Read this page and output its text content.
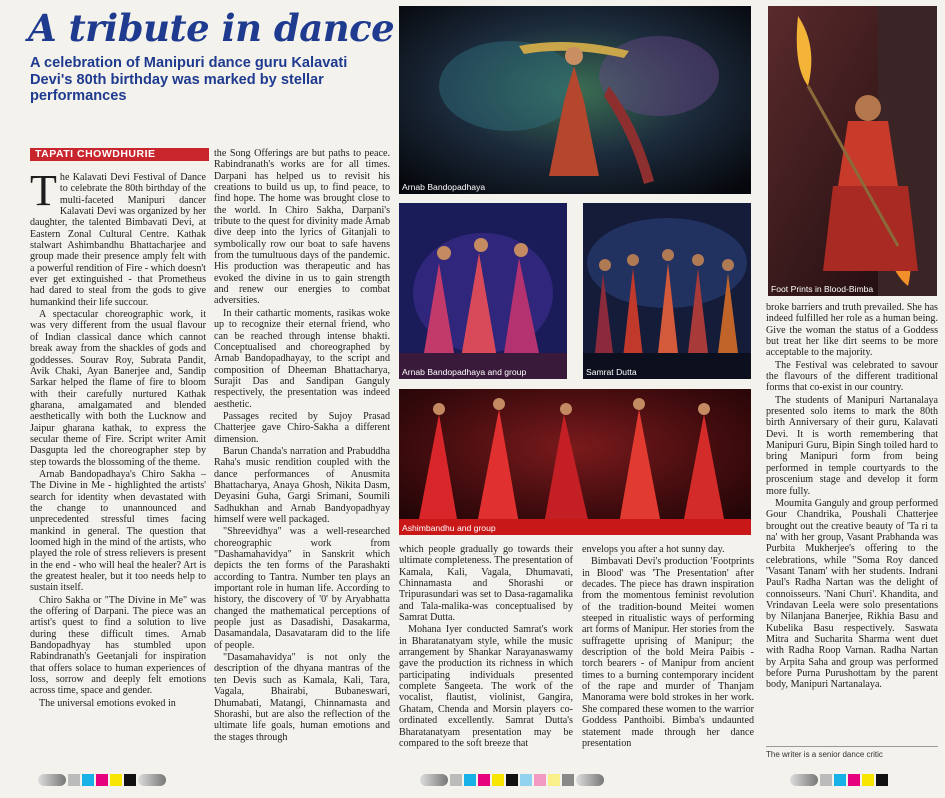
A tribute in dance
A celebration of Manipuri dance guru Kalavati Devi's 80th birthday was marked by stellar performances
TAPATI CHOWDHURIE
T he Kalavati Devi Festival of Dance to celebrate the 80th birthday of the multi-faceted Manipuri dancer Kalavati Devi was organized by her daughter, the talented Bimbavati Devi, at Eastern Zonal Cultural Centre. Kathak stalwart Ashimbandhu Bhattacharjee and group made their presence amply felt with a powerful rendition of Fire - which doesn't ever get extinguished - that Prometheus had dared to steal from the gods to give humankind their life succour.

A spectacular choreographic work, it was very different from the usual flavour of Indian classical dance which cannot break away from the shackles of gods and goddesses. Sourav Roy, Subrata Pandit, Avik Chaki, Ayan Banerjee and, Sandip Sarkar helped the flame of fire to bloom with their carefully nurtured Kathak gharana, amalgamated and blended aesthetically with both the Lucknow and Jaipur gharana kathak, to express the secular theme of Fire. Script writer Amit Dasgupta led the choreographer step by step towards the blossoming of the theme.

Arnab Bandopadhaya's Chiro Sakha –The Divine in Me - highlighted the artists' search for identity when devastated with the change to unannounced and unprecedented stressful times facing mankind in general. The question that loomed high in the mind of the artists, who played the role of stress relievers is present in the end - who will heal the healer? Art is the greatest healer, but it too needs help to sustain itself.

Chiro Sakha or "The Divine in Me" was the offering of Darpani. The piece was an artist's quest to find a solution to live during these difficult times. Arnab Bandopadhyay has stumbled upon Rabindranath's Geetanjali for inspiration that offers solace to human experiences of loss, sorrow and deeply felt emotions across time, space and gender.

The universal emotions evoked in

the Song Offerings are but paths to peace. Rabindranath's works are for all times. Darpani has helped us to revisit his creations to build us up, to find peace, to find hope. The home was brought close to the world. In Chiro Sakha, Darpani's tribute to the quest for divinity made Arnab dive deep into the lyrics of Gitanjali to symbolically row our boat to safe havens from the tumultuous days of the pandemic. His production was therapeutic and has evoked the divine in us to gain strength and renew our energies to combat adversities.

In their cathartic moments, rasikas woke up to recognize their eternal friend, who can be reached through intense bhakti. Conceptualised and choreographed by Arnab Bandopadhayay, to the script and composition of Dheeman Bhattacharya, Surajit Das and Sandipan Ganguly respectively, the presentation was indeed aesthetic.

Passages recited by Sujoy Prasad Chatterjee gave Chiro-Sakha a different dimension.

Barun Chanda's narration and Prabuddha Raha's music rendition coupled with the dance performances of Anusmita Bhattacharya, Anaya Ghosh, Nikita Dasm, Deyasini Guha, Gargi Srimani, Soumili Sadhukhan and Arnab Bandyopadhyay himself were well packaged.

"Shreevidhya" was a well-researched choreographic work from "Dashamahavidya" in Sanskrit which depicts the ten forms of the Parashakti according to Tantra. Number ten plays an important role in human life. According to history, the discovery of '0' by Aryabhatta changed the mathematical perceptions of people just as Dasadishi, Dasakarma, Dasamandala, Dasavataram did to the life of people.

"Dasamahavidya" is not only the description of the dhyana mantras of the ten Devis such as Kamala, Kali, Tara, Vagala, Bhairabi, Bubaneswari, Dhumabati, Matangi, Chinnamasta and Shorashi, but are also the reflection of the ultimate life goals, human emotions and the stages through

Arnab Bandopadhaya
Foot Prints in Blood-Bimba
Arnab Bandopadhaya and group	Samrat Dutta
Ashimbandhu and group

which people gradually go towards their ultimate completeness. The presentation of Kamala, Kali, Vagala, Dhumavati, Chinnamasta and Shorashi or Tripurasundari was set to Dasa-ragamalika and Tala-malika-was conceptualised by Samrat Dutta.

Mohana Iyer conducted Samrat's work in Bharatanatyam style, while the music arrangement by Shankar Narayanaswamy gave the production its richness in which participating individuals presented complete Sangeeta. The work of the vocalist, flautist, violinist, Gangira, Ghatam, Chenda and Morsin players co-ordinated excellently. Samrat Dutta's Bharatanatyam presentation may be compared to the soft breeze that

envelops you after a hot sunny day.

Bimbavati Devi's production 'Footprints in Blood' was 'The Presentation' after decades. The piece has drawn inspiration from the momentous feminist revolution of the tradition-bound Meitei women steeped in ritualistic ways of performing art forms of Manipur. Her stories from the suffragette uprising of Manipur; the description of the bold Meira Paibis - torch bearers - of Manipur from ancient times to a burning contemporary incident of the rape and murder of Thanjam Manorama were bold strokes in her work. She compared these women to the warrior Goddess Panthoibi. Bimba's undaunted statement made through her dance presentation

broke barriers and truth prevailed. She has indeed fulfilled her role as a human being. Give the woman the status of a Goddess but treat her like dirt seems to be more acceptable to the majority.

The Festival was celebrated to savour the flavours of the different traditional forms that co-exist in our country.

The students of Manipuri Nartanalaya presented solo items to mark the 80th birth Anniversary of their guru, Kalavati Devi. It is worth remembering that Manipuri Guru, Bipin Singh toiled hard to bring Manipuri form from being performed in temple courtyards to the proscenium stage and develop it form more fully.

Moumita Ganguly and group performed Gour Chandrika, Poushali Chatterjee brought out the creative beauty of 'Ta ri ta na' with her group, Vasant Prabhanda was Purbita Mukherjee's offering to the celebrations, while "Soma Roy danced 'Vasant Tanam' with her students. Indrani Paul's Radha Nartan was the delight of connoisseurs. 'Nani Churi'. Khandita, and Vrindavan Leela were solo presentations by Nilanjana Banerjee, Rikhia Basu and Kubelika Basu respectively. Saswata Mitra and Sucharita Sharma went duet with Radha Roop Varnan. Radha Nartan by Arpita Saha and group was performed before Purna Purushottam by the parent body, Manipuri Nartanalaya.

The writer is a senior dance critic
